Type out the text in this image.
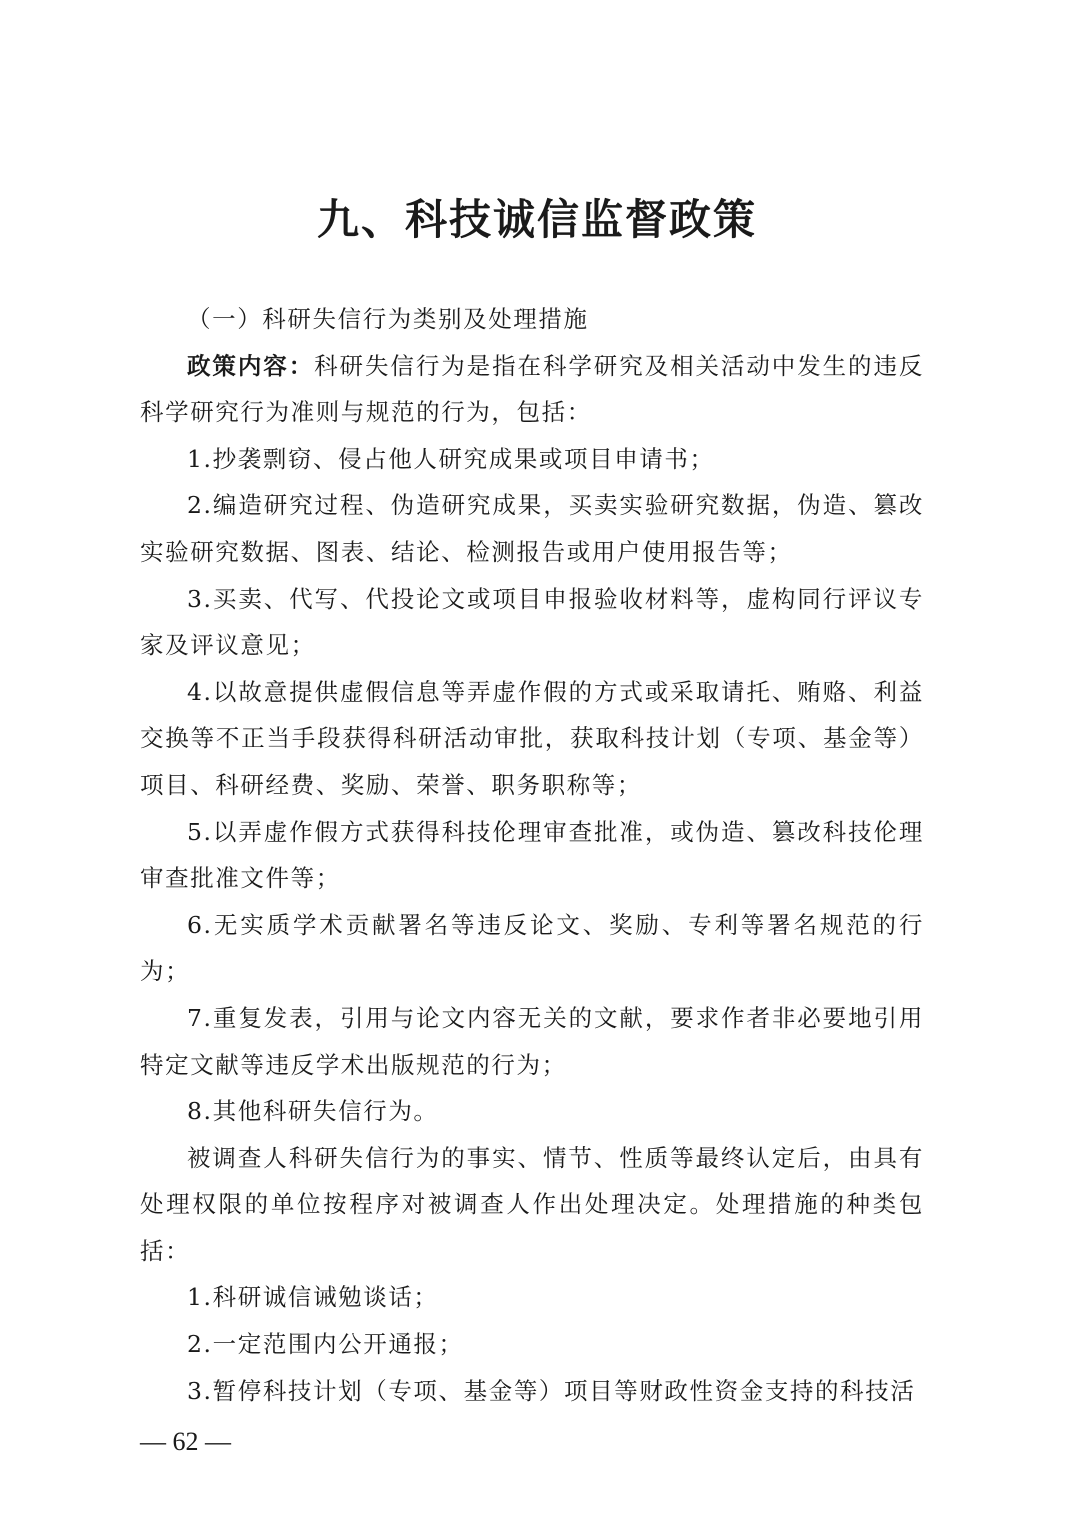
九、科技诚信监督政策

（一）科研失信行为类别及处理措施

政策内容：科研失信行为是指在科学研究及相关活动中发生的违反科学研究行为准则与规范的行为，包括：

1.抄袭剽窃、侵占他人研究成果或项目申请书；

2.编造研究过程、伪造研究成果，买卖实验研究数据，伪造、篡改实验研究数据、图表、结论、检测报告或用户使用报告等；

3.买卖、代写、代投论文或项目申报验收材料等，虚构同行评议专家及评议意见；

4.以故意提供虚假信息等弄虚作假的方式或采取请托、贿赂、利益交换等不正当手段获得科研活动审批，获取科技计划（专项、基金等）项目、科研经费、奖励、荣誉、职务职称等；

5.以弄虚作假方式获得科技伦理审查批准，或伪造、篡改科技伦理审查批准文件等；

6.无实质学术贡献署名等违反论文、奖励、专利等署名规范的行为；

7.重复发表，引用与论文内容无关的文献，要求作者非必要地引用特定文献等违反学术出版规范的行为；

8.其他科研失信行为。

被调查人科研失信行为的事实、情节、性质等最终认定后，由具有处理权限的单位按程序对被调查人作出处理决定。处理措施的种类包括：

1.科研诚信诫勉谈话；

2.一定范围内公开通报；

3.暂停科技计划（专项、基金等）项目等财政性资金支持的科技活

— 62 —
